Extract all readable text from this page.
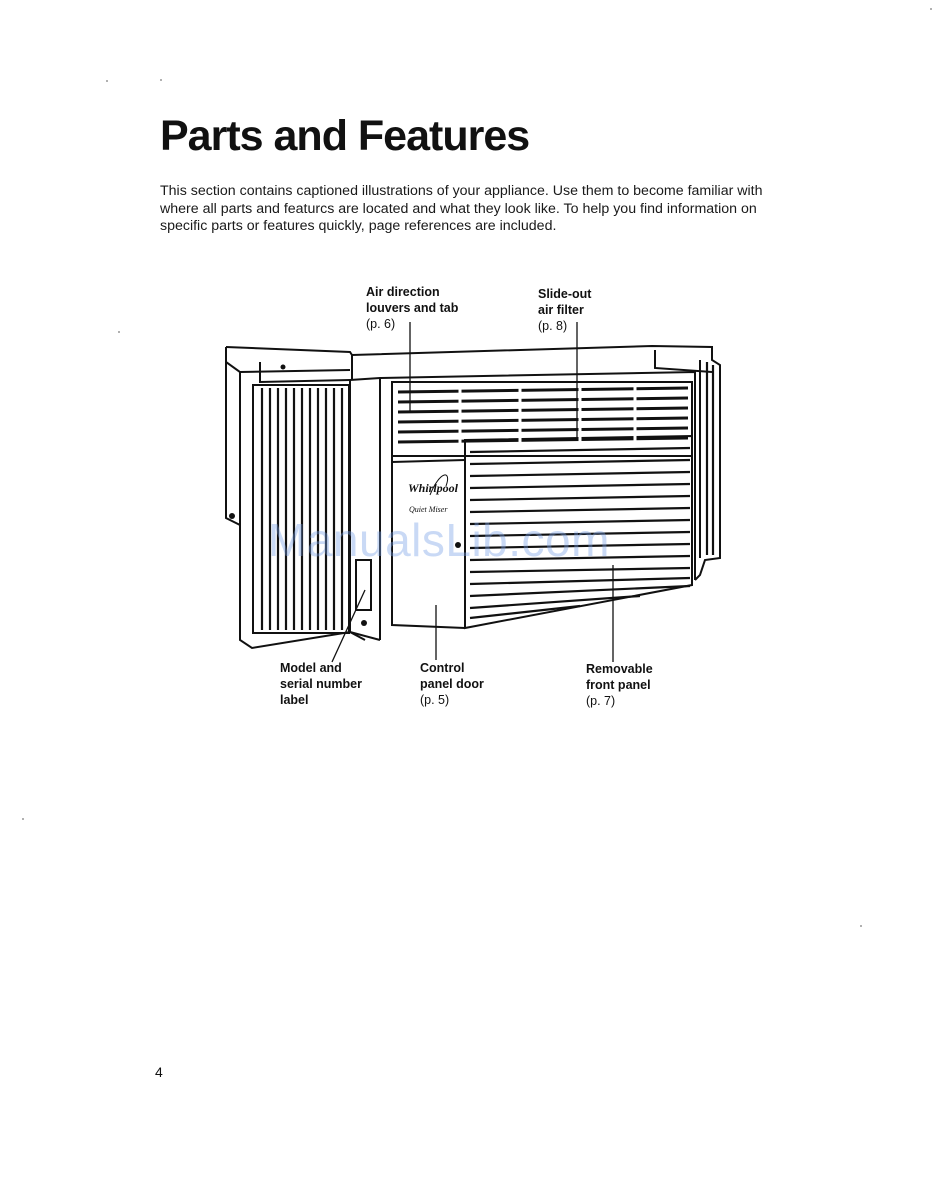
Parts and Features

This section contains captioned illustrations of your appliance. Use them to become familiar with where all parts and featurcs are located and what they look like. To help you find information on specific parts or features quickly, page references are included.

Whirlpool
Quiet Miser
Air direction
louvers and tab
(p. 6)
Slide-out
air filter
(p. 8)
Model and
serial number
label
Control
panel door
(p. 5)
Removable
front panel
(p. 7)
ManualsLib.com
4
